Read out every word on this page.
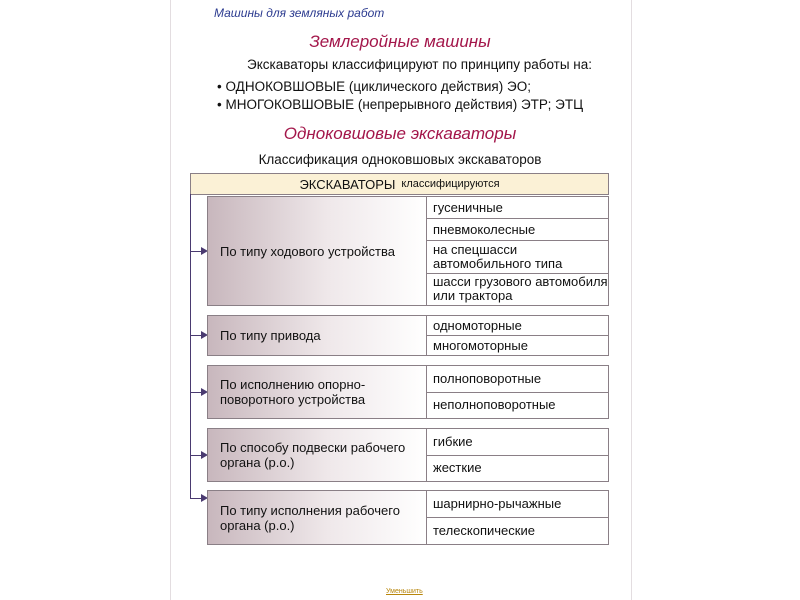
Машины для земляных работ
Землеройные машины
Экскаваторы классифицируют по принципу работы на:
• ОДНОКОВШОВЫЕ (циклического действия) ЭО;
• МНОГОКОВШОВЫЕ (непрерывного действия) ЭТР; ЭТЦ
Одноковшовые экскаваторы
Классификация одноковшовых экскаваторов
ЭКСКАВАТОРЫ классифицируются
По типу ходового устройства
гусеничные
пневмоколесные
на спецшасси автомобильного типа
шасси грузового автомобиля или трактора
По типу привода
одномоторные
многомоторные
По исполнению опорно-поворотного устройства
полноповоротные
неполноповоротные
По способу подвески рабочего органа (р.о.)
гибкие
жесткие
По типу исполнения рабочего органа (р.о.)
шарнирно-рычажные
телескопические
Уменьшить
